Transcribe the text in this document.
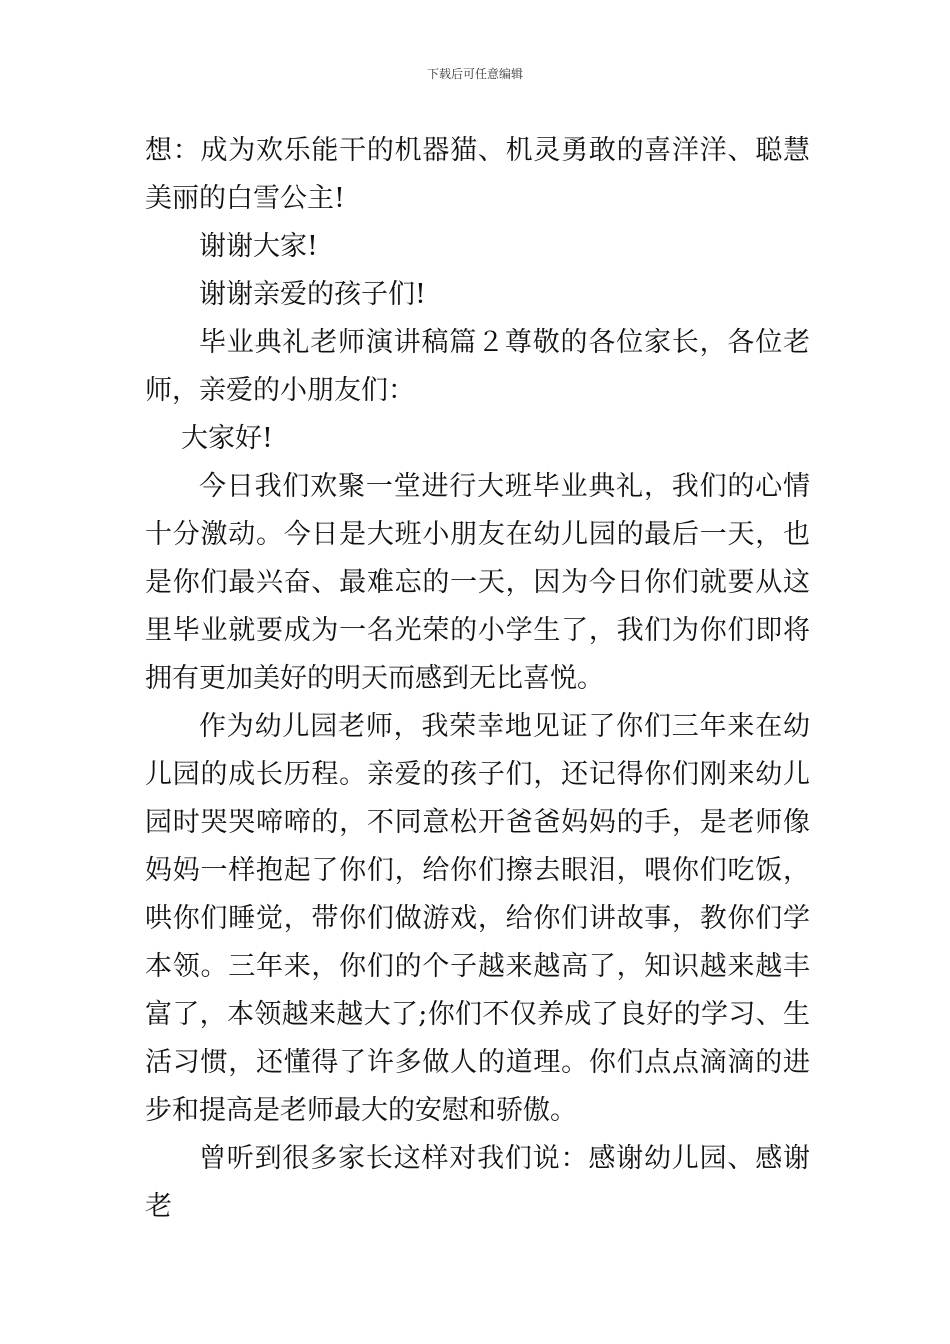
下载后可任意编辑

想：成为欢乐能干的机器猫、机灵勇敢的喜洋洋、聪慧美丽的白雪公主!

谢谢大家!

谢谢亲爱的孩子们!

毕业典礼老师演讲稿篇２尊敬的各位家长，各位老师，亲爱的小朋友们：

大家好!

今日我们欢聚一堂进行大班毕业典礼，我们的心情十分激动。今日是大班小朋友在幼儿园的最后一天，也是你们最兴奋、最难忘的一天，因为今日你们就要从这里毕业就要成为一名光荣的小学生了，我们为你们即将拥有更加美好的明天而感到无比喜悦。

作为幼儿园老师，我荣幸地见证了你们三年来在幼儿园的成长历程。亲爱的孩子们，还记得你们刚来幼儿园时哭哭啼啼的，不同意松开爸爸妈妈的手，是老师像妈妈一样抱起了你们，给你们擦去眼泪，喂你们吃饭，哄你们睡觉，带你们做游戏，给你们讲故事，教你们学本领。三年来，你们的个子越来越高了，知识越来越丰富了，本领越来越大了;你们不仅养成了良好的学习、生活习惯，还懂得了许多做人的道理。你们点点滴滴的进步和提高是老师最大的安慰和骄傲。

曾听到很多家长这样对我们说：感谢幼儿园、感谢老
